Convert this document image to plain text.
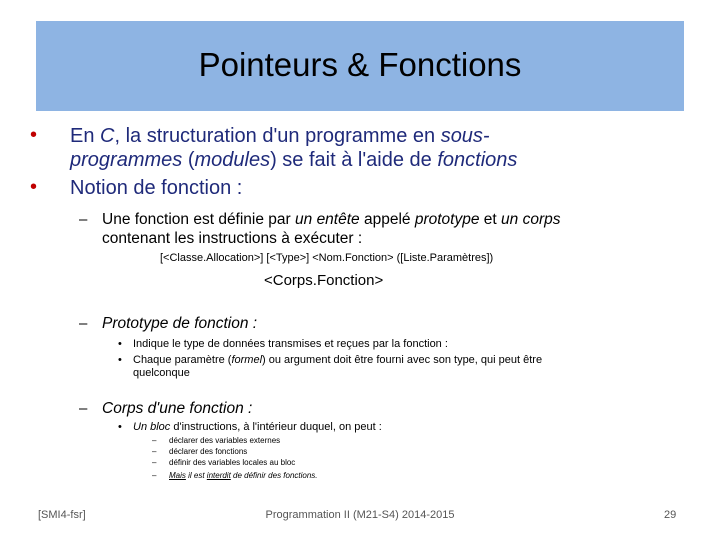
Pointeurs & Fonctions
• En C, la structuration d'un programme en sous-
programmes (modules) se fait à l'aide de fonctions
• Notion de fonction :
– Une fonction est définie par un entête appelé prototype et un corps
contenant les instructions à exécuter :
[<Classe.Allocation>] [<Type>] <Nom.Fonction> ([Liste.Paramètres])
<Corps.Fonction>
– Prototype de fonction :
• Indique le type de données transmises et reçues par la fonction :
• Chaque paramètre (formel) ou argument doit être fourni avec son type, qui peut être
quelconque
– Corps d'une fonction :
• Un bloc d'instructions, à l'intérieur duquel, on peut :
– déclarer des variables externes
– déclarer des fonctions
– définir des variables locales au bloc
– Mais il est interdit de définir des fonctions.
[SMI4-fsr]	Programmation II (M21-S4) 2014-2015	29
